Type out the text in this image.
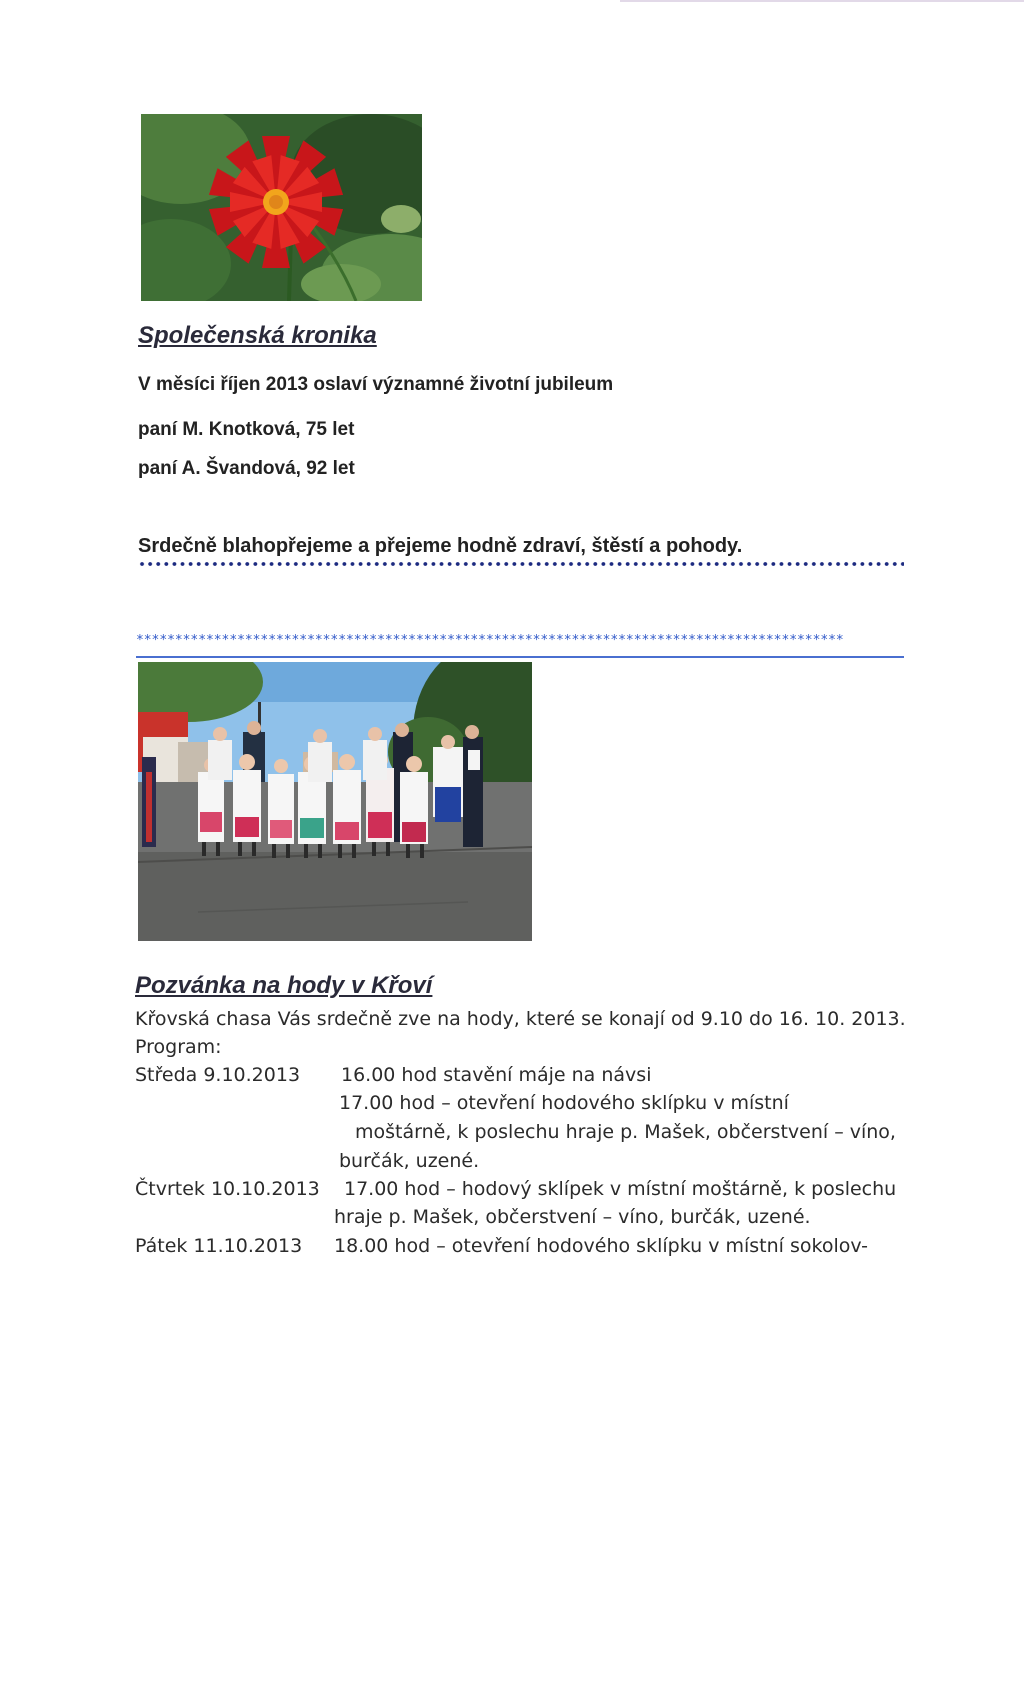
Společenská kronika
V měsíci říjen 2013 oslaví významné životní jubileum
paní M. Knotková, 75 let
paní A. Švandová, 92 let
Srdečně blahopřejeme a přejeme hodně zdraví, štěstí a pohody.
*******************************************************************************************
Pozvánka na hody v Křoví
Křovská chasa Vás srdečně zve na hody, které se konají od 9.10 do 16. 10. 2013.
Program:
Středa 9.10.2013 16.00 hod stavění máje na návsi
17.00 hod – otevření hodového sklípku v místní
moštárně, k poslechu hraje p. Mašek, občerstvení – víno,
burčák, uzené.
Čtvrtek 10.10.2013 17.00 hod – hodový sklípek v místní moštárně, k poslechu
hraje p. Mašek, občerstvení – víno, burčák, uzené.
Pátek 11.10.2013 18.00 hod – otevření hodového sklípku v místní sokolov-
